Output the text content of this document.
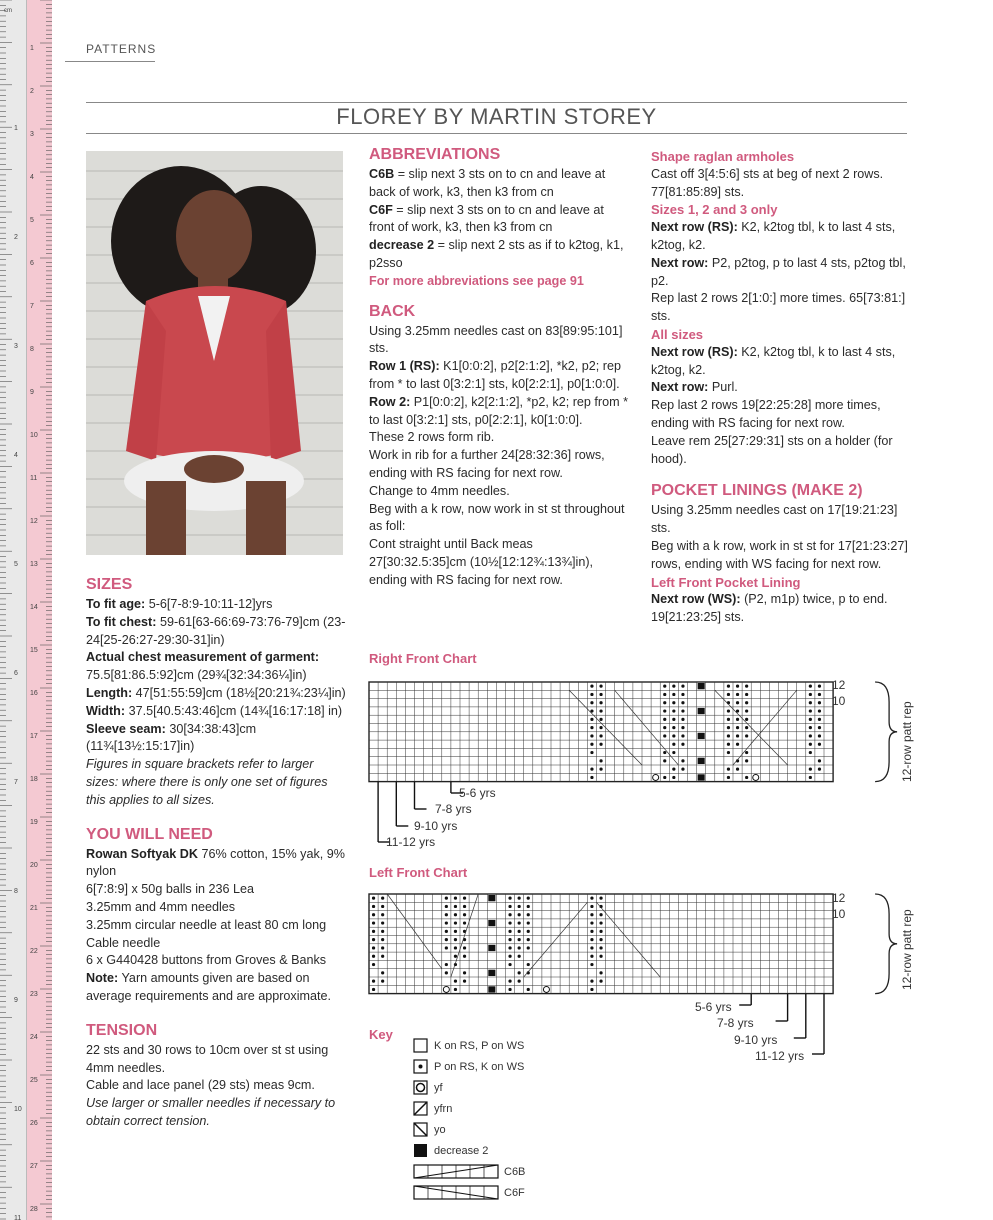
1
2
3
4
5
6
7
8
9
10
11
12
13
14
15
16
17
18
19
20
21
22
23
24
25
26
27
28
1
2
3
4
5
6
7
8
9
10
11
cm
PATTERNS
FLOREY BY MARTIN STOREY

SIZES

To fit age: 5-6[7-8:9-10:11-12]yrs

To fit chest: 59-61[63-66:69-73:76-79]cm (23-24[25-26:27-29:30-31]in)

Actual chest measurement of garment: 75.5[81:86.5:92]cm (29¾[32:34:36¼]in)

Length: 47[51:55:59]cm (18½[20:21¾:23¼]in)

Width: 37.5[40.5:43:46]cm (14¾[16:17:18] in)

Sleeve seam: 30[34:38:43]cm (11¾[13½:15:17]in)

Figures in square brackets refer to larger sizes: where there is only one set of figures this applies to all sizes.

YOU WILL NEED

Rowan Softyak DK 76% cotton, 15% yak, 9% nylon

6[7:8:9] x 50g balls in 236 Lea

3.25mm and 4mm needles

3.25mm circular needle at least 80 cm long

Cable needle

6 x G440428 buttons from Groves & Banks

Note: Yarn amounts given are based on average requirements and are approximate.

TENSION

22 sts and 30 rows to 10cm over st st using 4mm needles.

Cable and lace panel (29 sts) meas 9cm.

Use larger or smaller needles if necessary to obtain correct tension.

ABBREVIATIONS

C6B = slip next 3 sts on to cn and leave at back of work, k3, then k3 from cn

C6F = slip next 3 sts on to cn and leave at front of work, k3, then k3 from cn

decrease 2 = slip next 2 sts as if to k2tog, k1, p2sso

For more abbreviations see page 91

BACK

Using 3.25mm needles cast on 83[89:95:101] sts.

Row 1 (RS): K1[0:0:2], p2[2:1:2], *k2, p2; rep from * to last 0[3:2:1] sts, k0[2:2:1], p0[1:0:0].

Row 2: P1[0:0:2], k2[2:1:2], *p2, k2; rep from * to last 0[3:2:1] sts, p0[2:2:1], k0[1:0:0].

These 2 rows form rib.

Work in rib for a further 24[28:32:36] rows, ending with RS facing for next row.

Change to 4mm needles.

Beg with a k row, now work in st st throughout as foll:

Cont straight until Back meas 27[30:32.5:35]cm (10½[12:12¾:13¾]in), ending with RS facing for next row.

Shape raglan armholes

Cast off 3[4:5:6] sts at beg of next 2 rows. 77[81:85:89] sts.

Sizes 1, 2 and 3 only

Next row (RS): K2, k2tog tbl, k to last 4 sts, k2tog, k2.

Next row: P2, p2tog, p to last 4 sts, p2tog tbl, p2.

Rep last 2 rows 2[1:0:] more times. 65[73:81:] sts.

All sizes

Next row (RS): K2, k2tog tbl, k to last 4 sts, k2tog, k2.

Next row: Purl.

Rep last 2 rows 19[22:25:28] more times, ending with RS facing for next row.

Leave rem 25[27:29:31] sts on a holder (for hood).

POCKET LININGS (MAKE 2)

Using 3.25mm needles cast on 17[19:21:23] sts.

Beg with a k row, work in st st for 17[21:23:27] rows, ending with WS facing for next row.

Left Front Pocket Lining

Next row (WS): (P2, m1p) twice, p to end. 19[21:23:25] sts.

Right Front Chart
12
10
12-row patt rep
5-6 yrs
7-8 yrs
9-10 yrs
11-12 yrs
Left Front Chart
12
10	12-row patt rep
5-6 yrs
7-8 yrs
9-10 yrs
11-12 yrs
Key
K on RS, P on WS
P on RS, K on WS
yf
yfrn
yo
decrease 2
C6B
C6F
